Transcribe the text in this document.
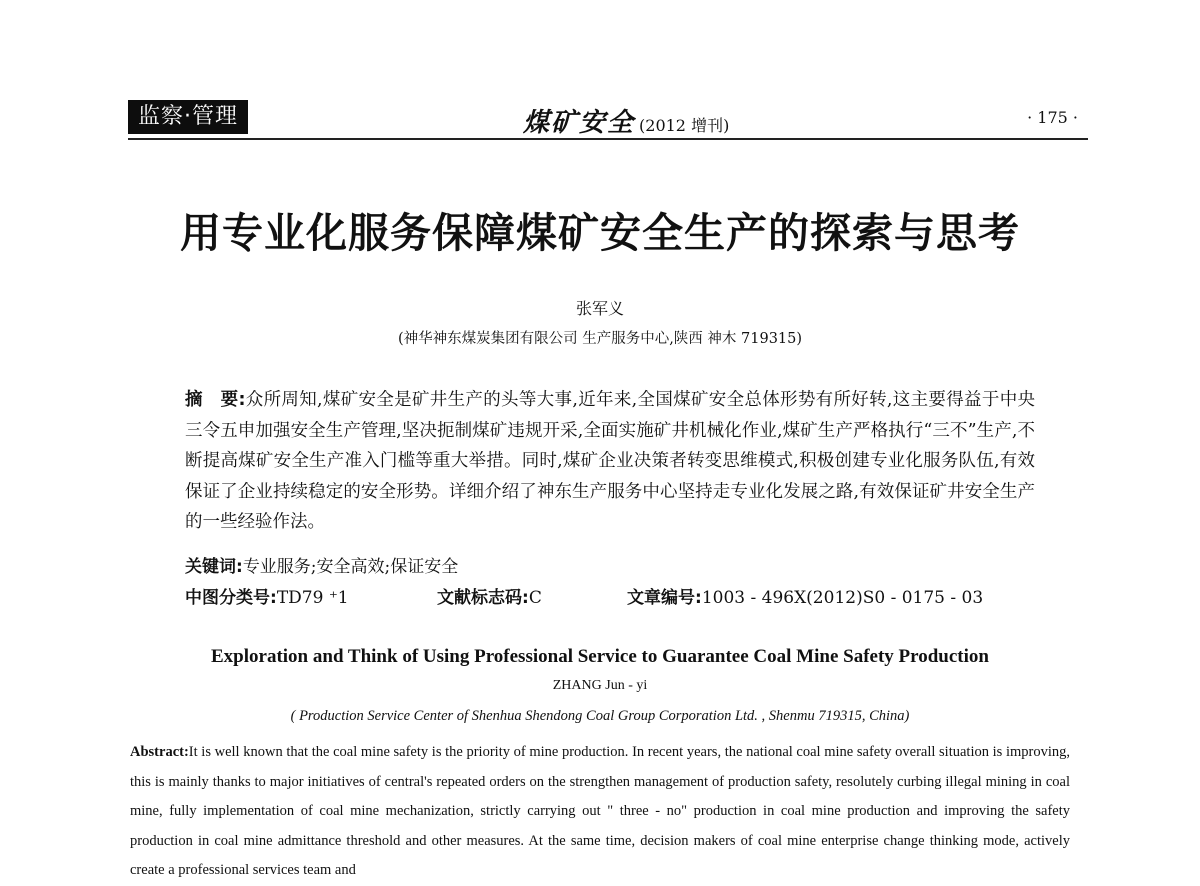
监察·管理	煤矿安全 (2012 增刊)	· 175 ·
用专业化服务保障煤矿安全生产的探索与思考
张军义
(神华神东煤炭集团有限公司 生产服务中心,陕西 神木 719315)

摘　要:众所周知,煤矿安全是矿井生产的头等大事,近年来,全国煤矿安全总体形势有所好转,这主要得益于中央三令五申加强安全生产管理,坚决扼制煤矿违规开采,全面实施矿井机械化作业,煤矿生产严格执行“三不”生产,不断提高煤矿安全生产准入门槛等重大举措。同时,煤矿企业决策者转变思维模式,积极创建专业化服务队伍,有效保证了企业持续稳定的安全形势。详细介绍了神东生产服务中心坚持走专业化发展之路,有效保证矿井安全生产的一些经验作法。

关键词:专业服务;安全高效;保证安全
中图分类号:TD79 ⁺1	文献标志码:C	文章编号:1003 - 496X(2012)S0 - 0175 - 03
Exploration and Think of Using Professional Service to Guarantee Coal Mine Safety Production
ZHANG Jun - yi
( Production Service Center of Shenhua Shendong Coal Group Corporation Ltd. , Shenmu 719315, China)

Abstract:It is well known that the coal mine safety is the priority of mine production. In recent years, the national coal mine safety overall situation is improving, this is mainly thanks to major initiatives of central's repeated orders on the strengthen management of production safety, resolutely curbing illegal mining in coal mine, fully implementation of coal mine mechanization, strictly carrying out " three - no" production in coal mine production and improving the safety production in coal mine admittance threshold and other measures. At the same time, decision makers of coal mine enterprise change thinking mode, actively create a professional services team and
